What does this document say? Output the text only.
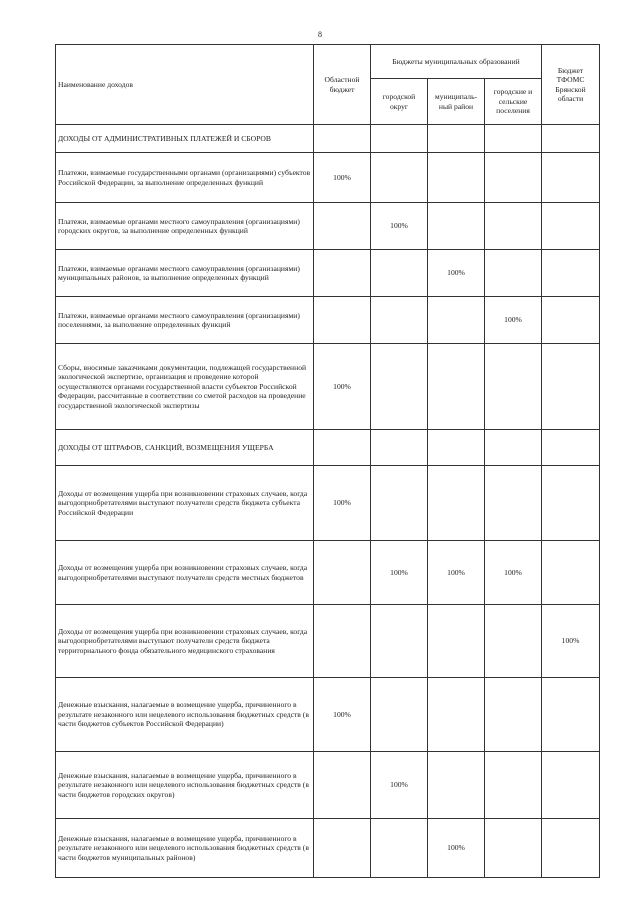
8
Наименование доходов	Областной бюджет	Бюджеты муниципальных образований			Бюджет ТФОМС Брянской области
		городской округ	муниципаль-ный район	городские и сельские поселения	
ДОХОДЫ ОТ АДМИНИСТРАТИВНЫХ ПЛАТЕЖЕЙ И СБОРОВ					
Платежи, взимаемые государственными органами (организациями) субъектов Российской Федерации, за выполнение определенных функций	100%				
Платежи, взимаемые органами местного самоуправления (организациями) городских округов, за выполнение определенных функций		100%			
Платежи, взимаемые органами местного самоуправления (организациями) муниципальных районов, за выполнение определенных функций			100%		
Платежи, взимаемые органами местного самоуправления (организациями) поселениями, за выполнение определенных функций				100%	
Сборы, вносимые заказчиками документации, подлежащей государственной экологической экспертизе, организация и проведение которой осуществляются органами государственной власти субъектов Российской Федерации, рассчитанные в соответствии со сметой расходов на проведение государственной экологической экспертизы	100%				
ДОХОДЫ ОТ ШТРАФОВ, САНКЦИЙ, ВОЗМЕЩЕНИЯ УЩЕРБА					
Доходы от возмещения ущерба при возникновении страховых случаев, когда выгодоприобретателями выступают получатели средств бюджета субъекта Российской Федерации	100%				
Доходы от возмещения ущерба при возникновении страховых случаев, когда выгодоприобретателями выступают получатели средств местных бюджетов		100%	100%	100%	
Доходы от возмещения ущерба при возникновении страховых случаев, когда выгодоприобретателями выступают получатели средств бюджета территориального фонда обязательного медицинского страхования					100%
Денежные взыскания, налагаемые в возмещение ущерба, причиненного в результате незаконного или нецелевого использования бюджетных средств (в части бюджетов субъектов Российской Федерации)	100%				
Денежные взыскания, налагаемые в возмещение ущерба, причиненного в результате незаконного или нецелевого использования бюджетных средств (в части бюджетов городских округов)		100%			
Денежные взыскания, налагаемые в возмещение ущерба, причиненного в результате незаконного или нецелевого использования бюджетных средств (в части бюджетов муниципальных районов)			100%		
